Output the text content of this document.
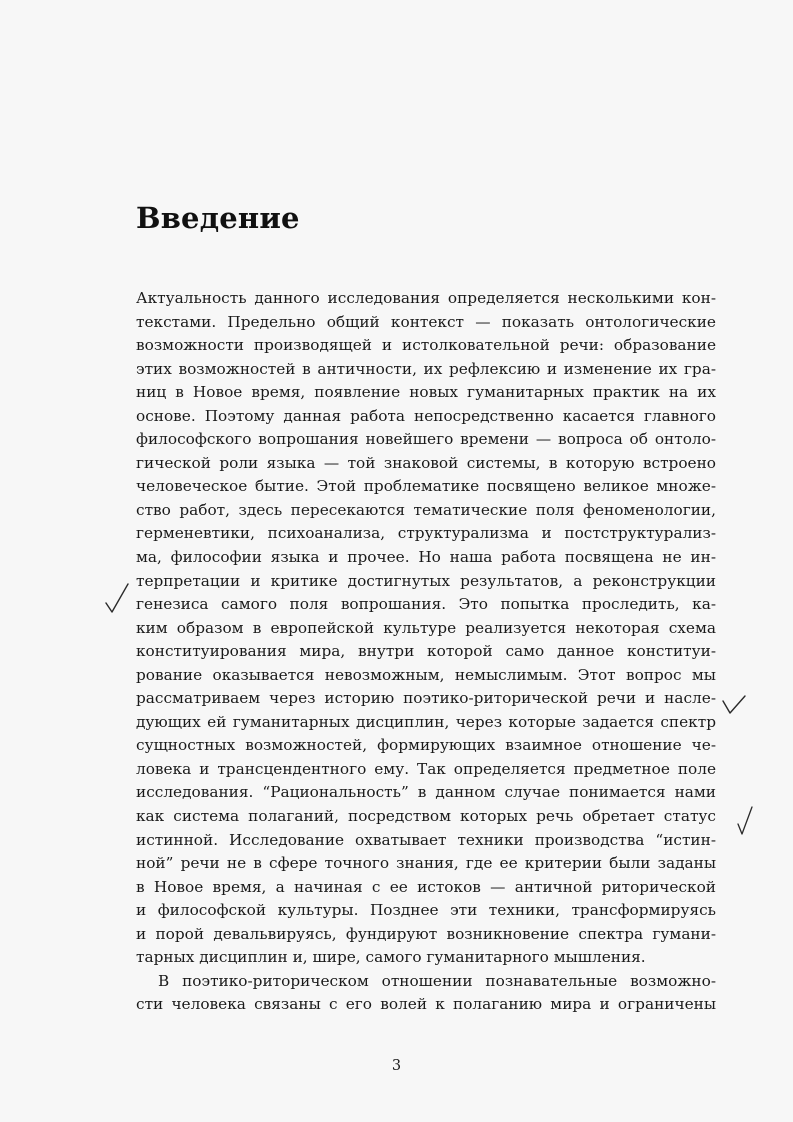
Введение
Актуальность данного исследования определяется несколькими кон-
текстами. Предельно общий контекст — показать онтологические
возможности производящей и истолковательной речи: образование
этих возможностей в античности, их рефлексию и изменение их гра-
ниц в Новое время, появление новых гуманитарных практик на их
основе. Поэтому данная работа непосредственно касается главного
философского вопрошания новейшего времени — вопроса об онтоло-
гической роли языка — той знаковой системы, в которую встроено
человеческое бытие. Этой проблематике посвящено великое множе-
ство работ, здесь пересекаются тематические поля феноменологии,
герменевтики, психоанализа, структурализма и постструктурализ-
ма, философии языка и прочее. Но наша работа посвящена не ин-
терпретации и критике достигнутых результатов, а реконструкции
генезиса самого поля вопрошания. Это попытка проследить, ка-
ким образом в европейской культуре реализуется некоторая схема
конституирования мира, внутри которой само данное конституи-
рование оказывается невозможным, немыслимым. Этот вопрос мы
рассматриваем через историю поэтико-риторической речи и насле-
дующих ей гуманитарных дисциплин, через которые задается спектр
сущностных возможностей, формирующих взаимное отношение че-
ловека и трансцендентного ему. Так определяется предметное поле
исследования. “Рациональность” в данном случае понимается нами
как система полаганий, посредством которых речь обретает статус
истинной. Исследование охватывает техники производства “истин-
ной” речи не в сфере точного знания, где ее критерии были заданы
в Новое время, а начиная с ее истоков — античной риторической
и философской культуры. Позднее эти техники, трансформируясь
и порой девальвируясь, фундируют возникновение спектра гумани-
тарных дисциплин и, шире, самого гуманитарного мышления.
В поэтико-риторическом отношении познавательные возможно-
сти человека связаны с его волей к полаганию мира и ограничены
3
